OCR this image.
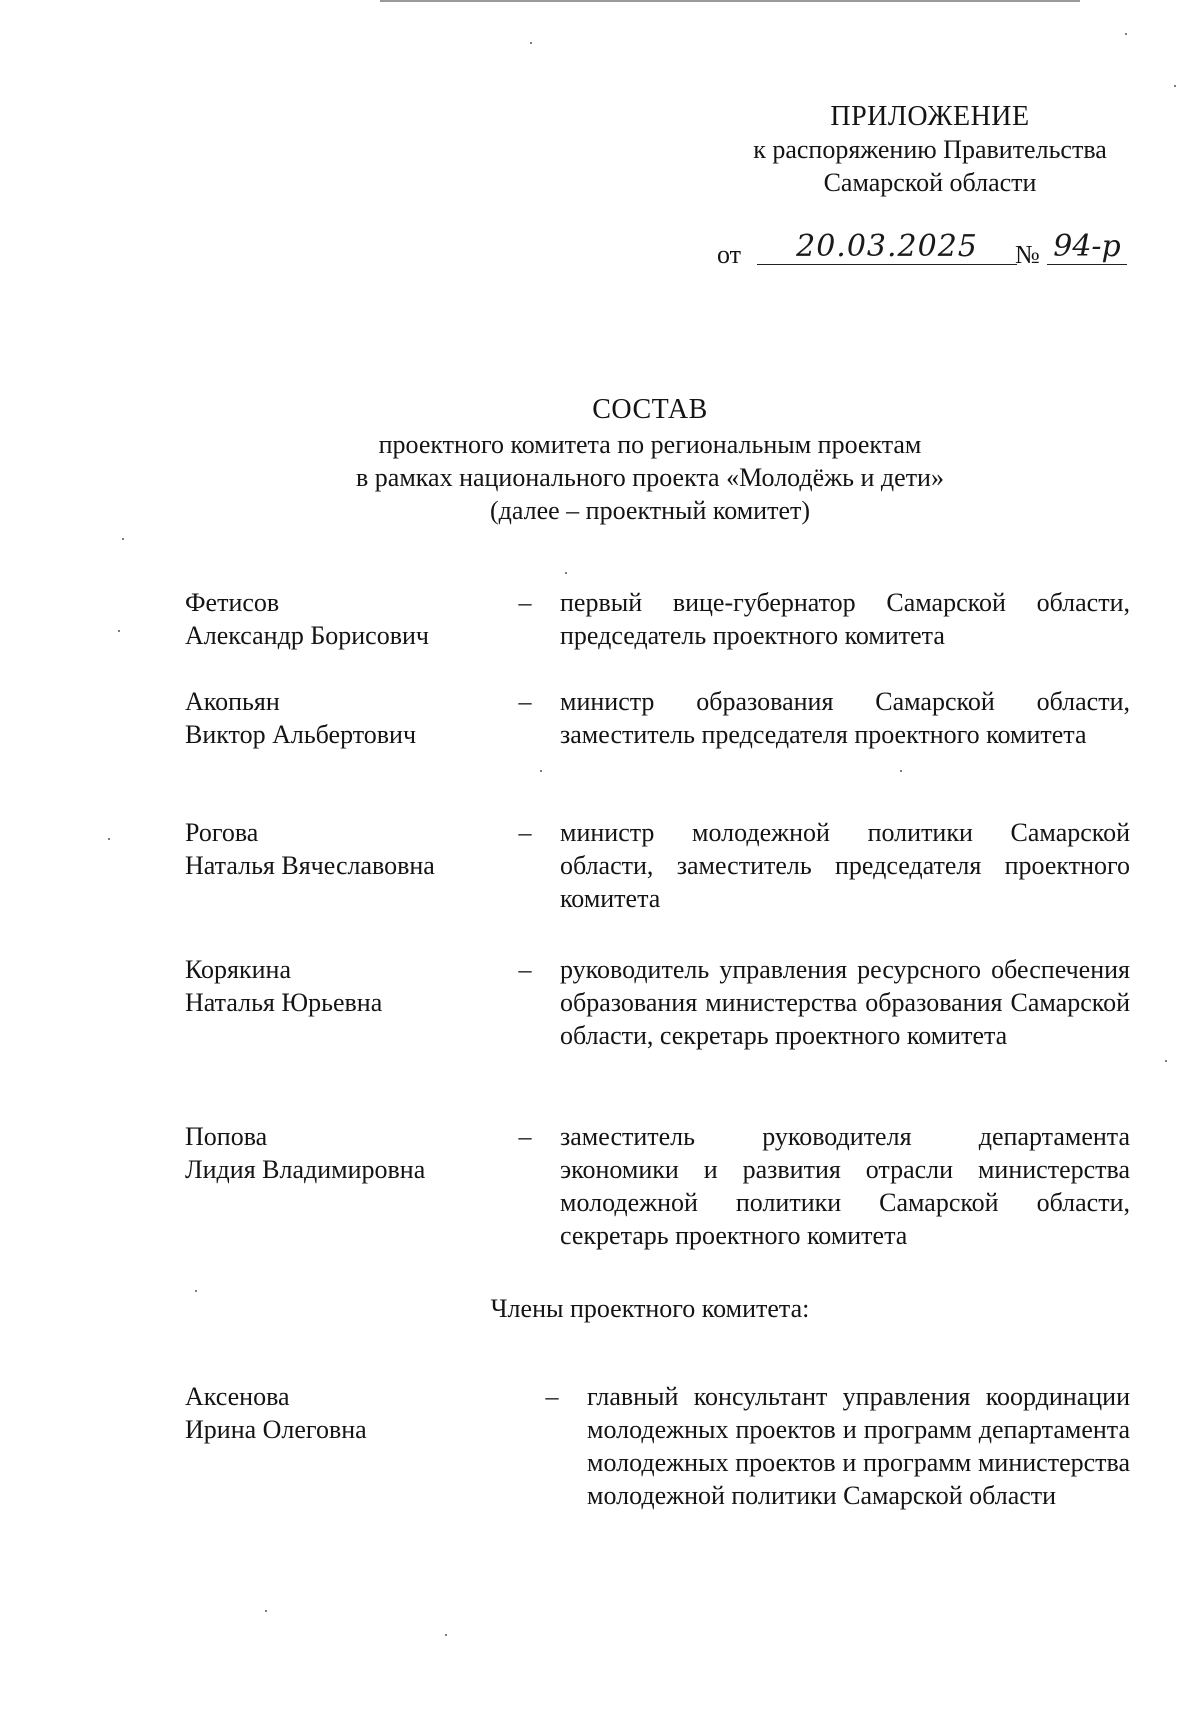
ПРИЛОЖЕНИЕ
к распоряжению Правительства
Самарской области
от	20.03.2025	№ 94-р
СОСТАВ
проектного комитета по региональным проектам
в рамках национального проекта «Молодёжь и дети»
(далее – проектный комитет)
Фетисов
Александр Борисович
–	первый вице-губернатор Самарской области, председатель проектного комитета
Акопьян
Виктор Альбертович
–	министр образования Самарской области, заместитель председателя проектного комитета
Рогова
Наталья Вячеславовна
–	министр молодежной политики Самарской области, заместитель председателя проектного комитета
Корякина
Наталья Юрьевна
–	руководитель управления ресурсного обеспечения образования министерства образования Самарской области, секретарь проектного комитета
Попова
Лидия Владимировна
–	заместитель руководителя департамента экономики и развития отрасли министерства молодежной политики Самарской области, секретарь проектного комитета
Члены проектного комитета:
Аксенова
Ирина Олеговна
–	главный консультант управления координации молодежных проектов и программ департамента молодежных проектов и программ министерства молодежной политики Самарской области
